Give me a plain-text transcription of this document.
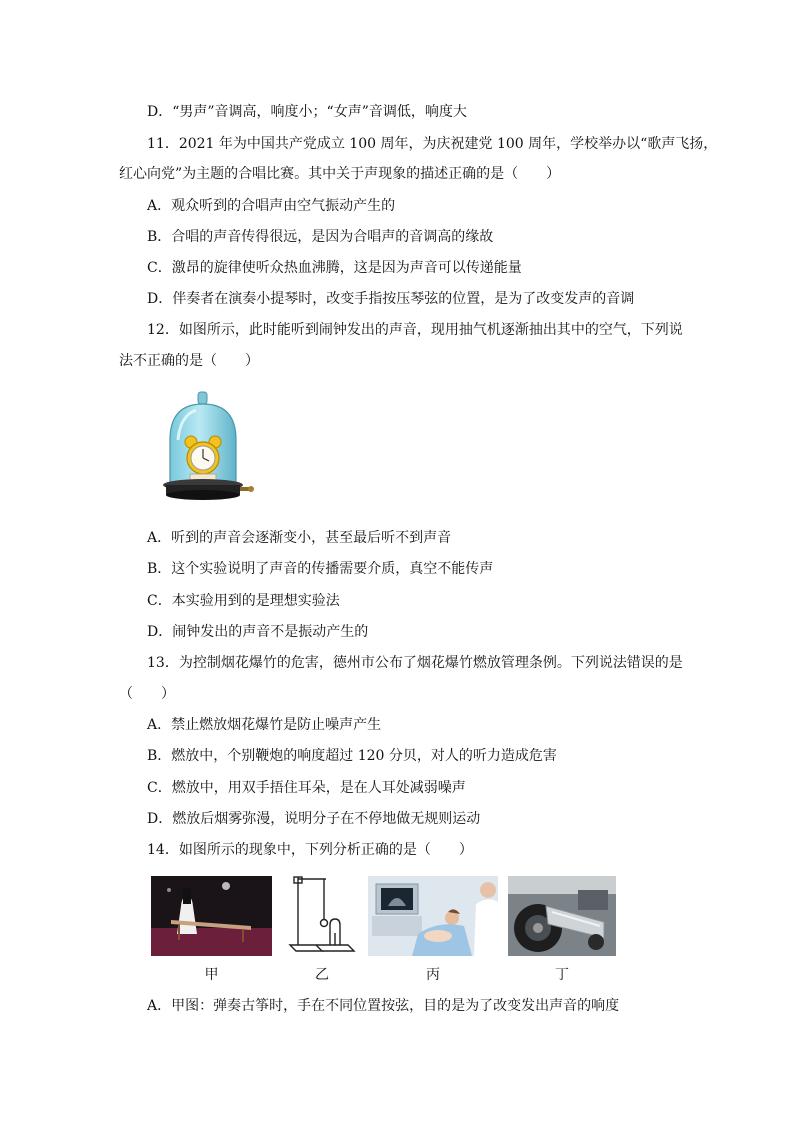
D．“男声”音调高，响度小；“女声”音调低，响度大
11．2021 年为中国共产党成立 100 周年，为庆祝建党 100 周年，学校举办以“歌声飞扬，
红心向党”为主题的合唱比赛。其中关于声现象的描述正确的是（　　）
A．观众听到的合唱声由空气振动产生的
B．合唱的声音传得很远，是因为合唱声的音调高的缘故
C．激昂的旋律使听众热血沸腾，这是因为声音可以传递能量
D．伴奏者在演奏小提琴时，改变手指按压琴弦的位置，是为了改变发声的音调
12．如图所示，此时能听到闹钟发出的声音，现用抽气机逐渐抽出其中的空气，下列说
法不正确的是（　　）
A．听到的声音会逐渐变小，甚至最后听不到声音
B．这个实验说明了声音的传播需要介质，真空不能传声
C．本实验用到的是理想实验法
D．闹钟发出的声音不是振动产生的
13．为控制烟花爆竹的危害，德州市公布了烟花爆竹燃放管理条例。下列说法错误的是
（　　）
A．禁止燃放烟花爆竹是防止噪声产生
B．燃放中，个别鞭炮的响度超过 120 分贝，对人的听力造成危害
C．燃放中，用双手捂住耳朵，是在人耳处减弱噪声
D．燃放后烟雾弥漫，说明分子在不停地做无规则运动
14．如图所示的现象中，下列分析正确的是（　　）
甲	乙	丙	丁
A．甲图：弹奏古筝时，手在不同位置按弦，目的是为了改变发出声音的响度
